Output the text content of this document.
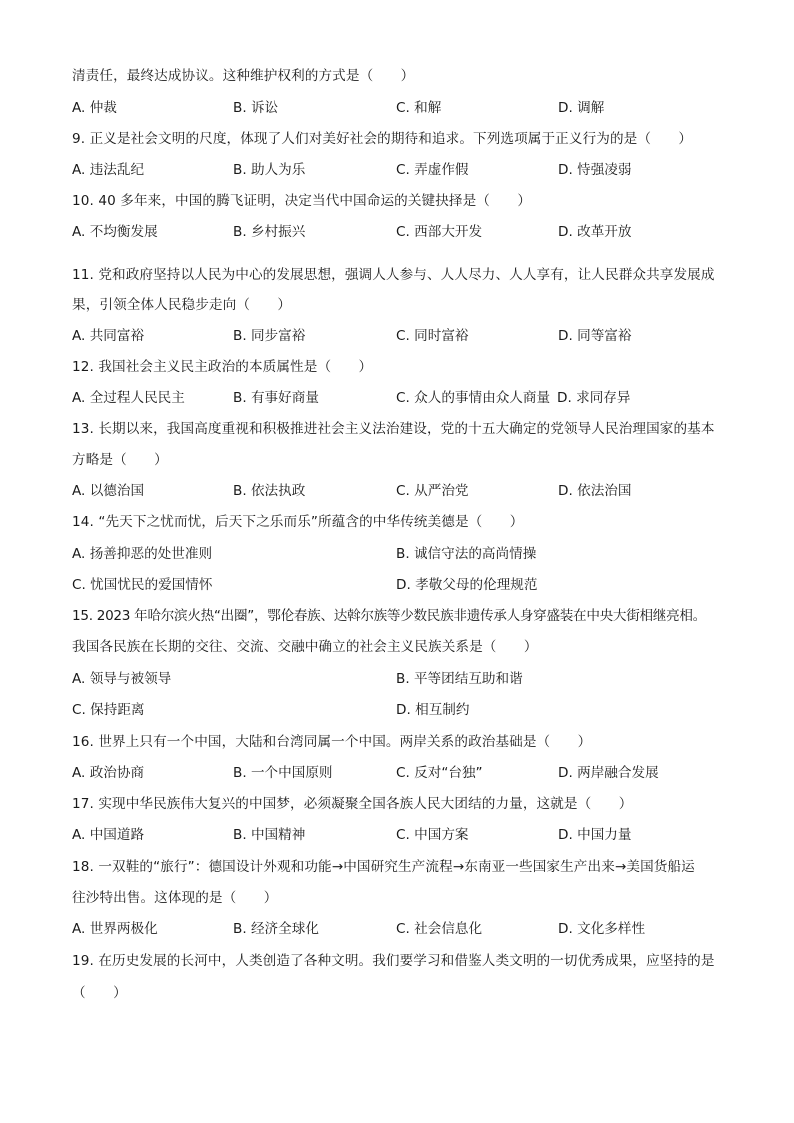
清责任，最终达成协议。这种维护权利的方式是（　　）
A. 仲裁	B. 诉讼	C. 和解	D. 调解
9. 正义是社会文明的尺度，体现了人们对美好社会的期待和追求。下列选项属于正义行为的是（　　）
A. 违法乱纪	B. 助人为乐	C. 弄虚作假	D. 恃强凌弱
10. 40 多年来，中国的腾飞证明，决定当代中国命运的关键抉择是（　　）
A. 不均衡发展	B. 乡村振兴	C. 西部大开发	D. 改革开放
11. 党和政府坚持以人民为中心的发展思想，强调人人参与、人人尽力、人人享有，让人民群众共享发展成
果，引领全体人民稳步走向（　　）
A. 共同富裕	B. 同步富裕	C. 同时富裕	D. 同等富裕
12. 我国社会主义民主政治的本质属性是（　　）
A. 全过程人民民主	B. 有事好商量	C. 众人的事情由众人商量 D. 求同存异
13. 长期以来，我国高度重视和积极推进社会主义法治建设，党的十五大确定的党领导人民治理国家的基本
方略是（　　）
A. 以德治国	B. 依法执政	C. 从严治党	D. 依法治国
14. “先天下之忧而忧，后天下之乐而乐”所蕴含的中华传统美德是（　　）
A. 扬善抑恶的处世准则	B. 诚信守法的高尚情操
C. 忧国忧民的爱国情怀	D. 孝敬父母的伦理规范
15. 2023 年哈尔滨火热“出圈”，鄂伦春族、达斡尔族等少数民族非遗传承人身穿盛装在中央大街相继亮相。
我国各民族在长期的交往、交流、交融中确立的社会主义民族关系是（　　）
A. 领导与被领导	B. 平等团结互助和谐
C. 保持距离	D. 相互制约
16. 世界上只有一个中国，大陆和台湾同属一个中国。两岸关系的政治基础是（　　）
A. 政治协商	B. 一个中国原则	C. 反对“台独”	D. 两岸融合发展
17. 实现中华民族伟大复兴的中国梦，必须凝聚全国各族人民大团结的力量，这就是（　　）
A. 中国道路	B. 中国精神	C. 中国方案	D. 中国力量
18. 一双鞋的“旅行”：德国设计外观和功能→中国研究生产流程→东南亚一些国家生产出来→美国货船运
往沙特出售。这体现的是（　　）
A. 世界两极化	B. 经济全球化	C. 社会信息化	D. 文化多样性
19. 在历史发展的长河中，人类创造了各种文明。我们要学习和借鉴人类文明的一切优秀成果，应坚持的是
（　　）
